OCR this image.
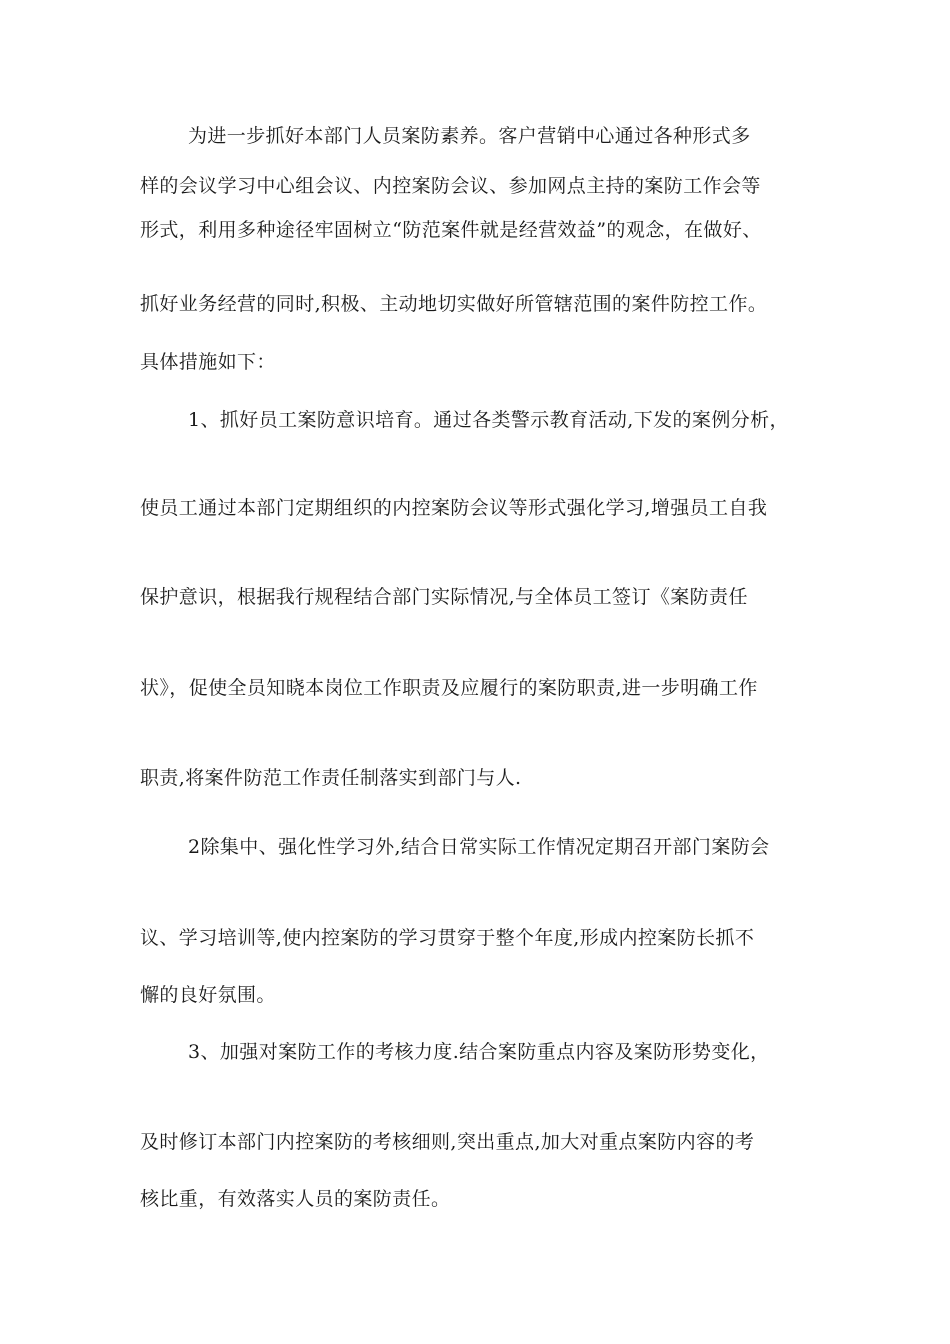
为进一步抓好本部门人员案防素养。客户营销中心通过各种形式多
样的会议学习中心组会议、内控案防会议、参加网点主持的案防工作会等
形式，利用多种途径牢固树立“防范案件就是经营效益”的观念，在做好、
抓好业务经营的同时,积极、主动地切实做好所管辖范围的案件防控工作。
具体措施如下：
1、抓好员工案防意识培育。通过各类警示教育活动,下发的案例分析，
使员工通过本部门定期组织的内控案防会议等形式强化学习,增强员工自我
保护意识，根据我行规程结合部门实际情况,与全体员工签订《案防责任
状》，促使全员知晓本岗位工作职责及应履行的案防职责,进一步明确工作
职责,将案件防范工作责任制落实到部门与人.
2除集中、强化性学习外,结合日常实际工作情况定期召开部门案防会
议、学习培训等,使内控案防的学习贯穿于整个年度,形成内控案防长抓不
懈的良好氛围。
3、加强对案防工作的考核力度.结合案防重点内容及案防形势变化，
及时修订本部门内控案防的考核细则,突出重点,加大对重点案防内容的考
核比重，有效落实人员的案防责任。
